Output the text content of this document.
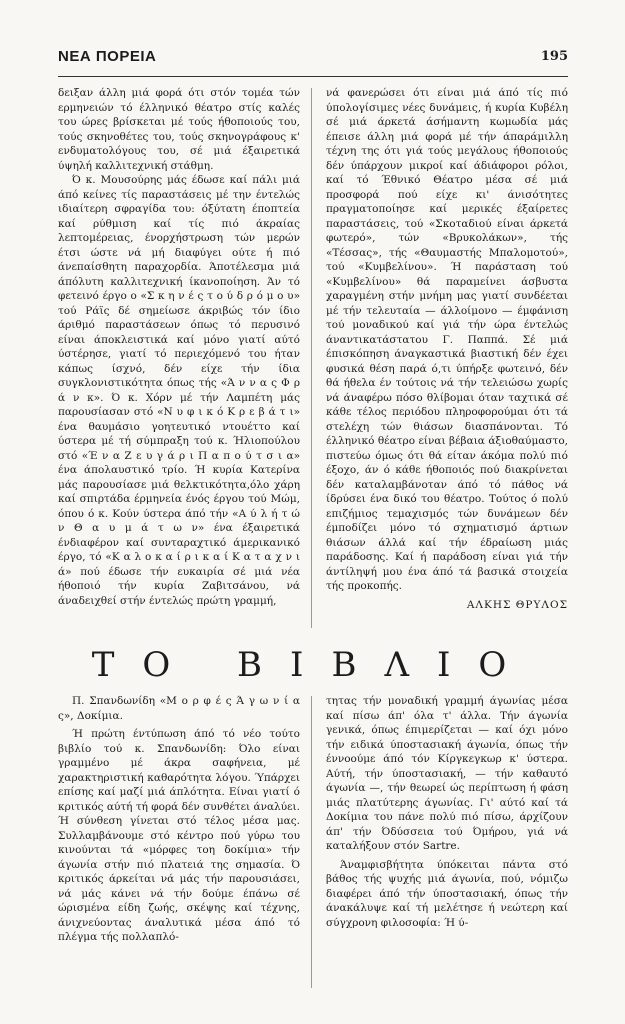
ΝΕΑ ΠΟΡΕΙΑ	195

δειξαν άλλη μιά φορά ότι στόν τομέα τών ερμηνειών τό έλληνικό θέατρο στίς καλές του ώρες βρίσκεται μέ τούς ήθοποιούς του, τούς σκηνοθέτες του, τούς σκηνογράφους κ' ενδυματολόγους του, σέ μιά έξαιρετικά ύψηλή καλλιτεχνική στάθμη.

Ό κ. Μουσούρης μάς έδωσε καί πάλι μιά άπό κείνες τίς παραστάσεις μέ την έντελώς ιδιαίτερη σφραγίδα του: όξύτατη έποπτεία καί ρύθμιση καί τίς πιό άκραίας λεπτομέρειας, ένορχήστρωση τών μερών έτσι ώστε νά μή διαφύγει ούτε ή πιό άνεπαίσθητη παραχορδία. Άποτέλεσμα μιά άπόλυτη καλλιτεχνική ίκανοποίηση. Άν τό φετεινό έργο ο «Σ κ η ν έ ς τ ο ύ δ ρ ό μ ο υ» τού Ράϊς δέ σημείωσε άκριβώς τόν ίδιο άριθμό παραστάσεων όπως τό περυσινό είναι άποκλειστικά καί μόνο γιατί αύτό ύστέρησε, γιατί τό περιεχόμενό του ήταν κάπως ίσχνό, δέν είχε τήν ίδια συγκλονιστικότητα όπως τής «Ά ν ν α ς Φ ρ ά ν κ». Ό κ. Χόρν μέ τήν Λαμπέτη μάς παρουσίασαν στό «Ν υ φ ι κ ό Κ ρ ε β ά τ ι» ένα θαυμάσιο γοητευτικό ντουέττο καί ύστερα μέ τή σύμπραξη τού κ. Ήλιοπούλου στό «Έ ν α Ζ ε υ γ ά ρ ι Π α π ο ύ τ σ ι α» ένα άπολαυστικό τρίο. Ή κυρία Κατερίνα μάς παρουσίασε μιά θελκτικότητα,όλο χάρη καί σπιρτάδα έρμηνεία ένός έργου τού Μώμ, όπου ό κ. Κούν ύστερα άπό τήν «Α ύ λ ή τ ώ ν Θ α υ μ ά τ ω ν» ένα έξαιρετικά ένδιαφέρον καί συνταραχτικό άμερικανικό έργο, τό «Κ α λ ο κ α ί ρ ι κ α ί Κ α τ α χ ν ι ά» πού έδωσε τήν ευκαιρία σέ μιά νέα ήθοποιό τήν κυρία Ζαβιτσάνου, νά άναδειχθεί στήν έντελώς πρώτη γραμμή,

νά φανερώσει ότι είναι μιά άπό τίς πιό ύπολογίσιμες νέες δυνάμεις, ή κυρία Κυβέλη σέ μιά άρκετά άσήμαντη κωμωδία μάς έπεισε άλλη μιά φορά μέ τήν άπαράμιλλη τέχνη της ότι γιά τούς μεγάλους ήθοποιούς δέν ύπάρχουν μικροί καί άδιάφοροι ρόλοι, καί τό Έθνικό Θέατρο μέσα σέ μιά προσφορά πού είχε κι' άνισότητες πραγματοποίησε καί μερικές έξαίρετες παραστάσεις, τού «Σκοταδιού είναι άρκετά φωτερό», τών «Βρυκολάκων», τής «Τέσσας», τής «Θαυμαστής Μπαλομοτού», τού «Κυμβελίνου». Ή παράσταση τού «Κυμβελίνου» θά παραμείνει άσβυστα χαραγμένη στήν μνήμη μας γιατί συνδέεται μέ τήν τελευταία — άλλοίμονο — έμφάνιση τού μοναδικού καί γιά τήν ώρα έντελώς άναντικατάστατου Γ. Παππά. Σέ μιά έπισκόπηση άναγκαστικά βιαστική δέν έχει φυσικά θέση παρά ό,τι ύπήρξε φωτεινό, δέν θά ήθελα έν τούτοις νά τήν τελειώσω χωρίς νά άναφέρω πόσο θλίβομαι όταν ταχτικά σέ κάθε τέλος περιόδου πληροφορούμαι ότι τά στελέχη τών θιάσων διασπάνονται. Τό έλληνικό θέατρο είναι βέβαια άξιοθαύμαστο, πιστεύω όμως ότι θά είταν άκόμα πολύ πιό έξοχο, άν ό κάθε ήθοποιός πού διακρίνεται δέν καταλαμβάνοταν άπό τό πάθος νά ίδρύσει ένα δικό του θέατρο. Τούτος ό πολύ επιζήμιος τεμαχισμός τών δυνάμεων δέν έμποδίζει μόνο τό σχηματισμό άρτιων θιάσων άλλά καί τήν έδραίωση μιάς παράδοσης. Καί ή παράδοση είναι γιά τήν άντίληψή μου ένα άπό τά βασικά στοιχεία τής προκοπής.

ΑΛΚΗΣ ΘΡΥΛΟΣ
ΤΟ ΒΙΒΛΙΟ

Π. Σπανδωνίδη «Μ ο ρ φ έ ς Ά γ ω ν ί α ς», Δοκίμια.

Ή πρώτη έντύπωση άπό τό νέο τούτο βιβλίο τού κ. Σπανδωνίδη: Όλο είναι γραμμένο μέ άκρα σαφήνεια, μέ χαρακτηριστική καθαρότητα λόγου. Ύπάρχει επίσης καί μαζί μιά άπλότητα. Είναι γιατί ό κριτικός αύτή τή φορά δέν συνθέτει άναλύει. Ή σύνθεση γίνεται στό τέλος μέσα μας. Συλλαμβάνουμε στό κέντρο πού γύρω του κινούνται τά «μόρφες τοη δοκίμια» τήν άγωνία στήν πιό πλατειά της σημασία. Ό κριτικός άρκείται νά μάς τήν παρουσιάσει, νά μάς κάνει νά τήν δούμε έπάνω σέ ώρισμένα είδη ζωής, σκέψης καί τέχνης, άνιχνεύοντας άναλυτικά μέσα άπό τό πλέγμα τής πολλαπλό-

τητας τήν μοναδική γραμμή άγωνίας μέσα καί πίσω άπ' όλα τ' άλλα. Τήν άγωνία γενικά, όπως έπιμερίζεται — καί όχι μόνο τήν ειδικά ύποστασιακή άγωνία, όπως τήν έννοούμε άπό τόν Κίργκεγκωρ κ' ύστερα. Αύτή, τήν ύποστασιακή, — τήν καθαυτό άγωνία —, τήν θεωρεί ώς περίπτωση ή φάση μιάς πλατύτερης άγωνίας. Γι' αύτό καί τά Δοκίμια του πάνε πολύ πιό πίσω, άρχίζουν άπ' τήν Όδύσσεια τού Όμήρου, γιά νά καταλήξουν στόν Sartre.

Άναμφισβήτητα ύπόκειται πάντα στό βάθος τής ψυχής μιά άγωνία, πού, νόμιζω διαφέρει άπό τήν ύποστασιακή, όπως τήν άνακάλυψε καί τή μελέτησε ή νεώτερη καί σύγχρονη φιλοσοφία: Ή ύ-
